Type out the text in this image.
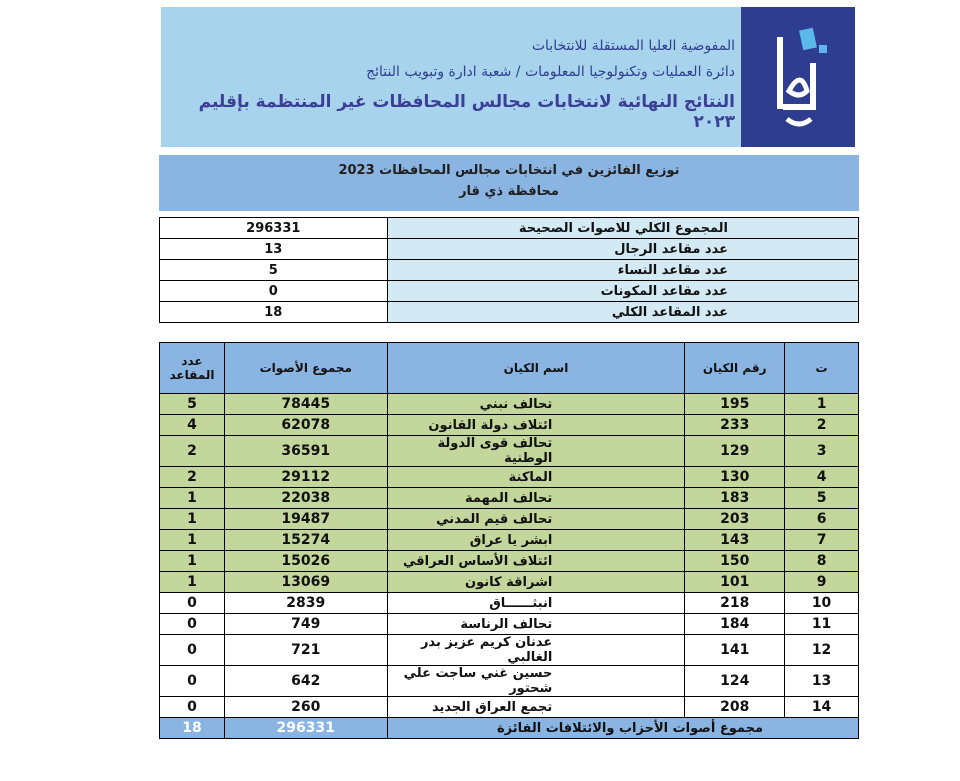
المفوضية العليا المستقلة للانتخابات
دائرة العمليات وتكنولوجيا المعلومات / شعبة ادارة وتبويب النتائج
النتائج النهائية لانتخابات مجالس المحافظات غير المنتظمة بإقليم ٢٠٢٣
توزيع الفائزين في انتخابات مجالس المحافظات 2023
محافظة ذي قار
296331	المجموع الكلي للاصوات الصحيحة
13	عدد مقاعد الرجال
5	عدد مقاعد النساء
0	عدد مقاعد المكونات
18	عدد المقاعد الكلي
عدد المقاعد	مجموع الأصوات	اسم الكيان	رقم الكيان	ت
5	78445	تحالف نبني	195	1
4	62078	ائتلاف دولة القانون	233	2
2	36591	تحالف قوى الدولة الوطنية	129	3
2	29112	الماكنة	130	4
1	22038	تحالف المهمة	183	5
1	19487	تحالف قيم المدني	203	6
1	15274	ابشر يا عراق	143	7
1	15026	ائتلاف الأساس العراقي	150	8
1	13069	اشراقة كانون	101	9
0	2839	انبثــــــاق	218	10
0	749	تحالف الرناسة	184	11
0	721	عدنان كريم عزيز بدر الغالبي	141	12
0	642	حسين غني ساجت علي شحتور	124	13
0	260	تجمع العراق الجديد	208	14
18	296331	مجموع أصوات الأحزاب والائتلافات الفائزة		
